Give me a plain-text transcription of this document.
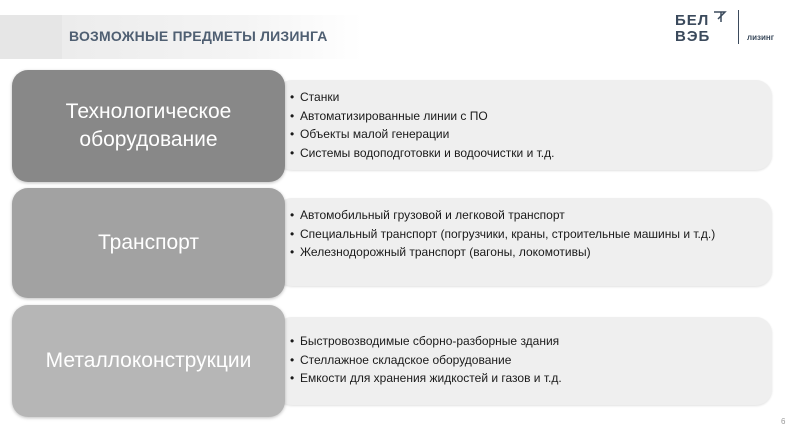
ВОЗМОЖНЫЕ ПРЕДМЕТЫ ЛИЗИНГА
БЕЛ
ВЭБ	лизинг
• Станки
• Автоматизированные линии с ПО
• Объекты малой генерации
• Системы водоподготовки и водоочистки и т.д.
Технологическое оборудование
• Автомобильный грузовой и легковой транспорт
• Специальный транспорт (погрузчики, краны, строительные машины и т.д.)
• Железнодорожный транспорт (вагоны, локомотивы)
Транспорт
• Быстровозводимые сборно-разборные здания
• Стеллажное складское оборудование
• Емкости для хранения жидкостей и газов и т.д.
Металлоконструкции
6
